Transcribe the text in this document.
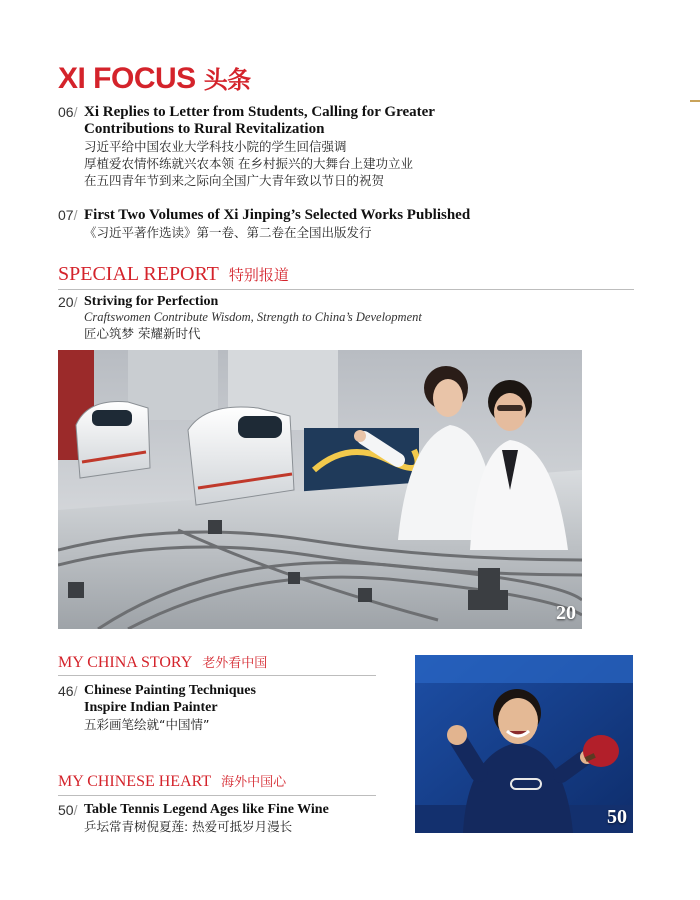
XI FOCUS 头条
06/ Xi Replies to Letter from Students, Calling for Greater
Contributions to Rural Revitalization
习近平给中国农业大学科技小院的学生回信强调
厚植爱农情怀练就兴农本领 在乡村振兴的大舞台上建功立业
在五四青年节到来之际向全国广大青年致以节日的祝贺
07/ First Two Volumes of Xi Jinping’s Selected Works Published
《习近平著作选读》第一卷、第二卷在全国出版发行
SPECIAL REPORT 特别报道
20/ Striving for Perfection
Craftswomen Contribute Wisdom, Strength to China’s Development
匠心筑梦 荣耀新时代
20
MY CHINA STORY 老外看中国
46/ Chinese Painting Techniques
Inspire Indian Painter
五彩画笔绘就“中国情”
MY CHINESE HEART 海外中国心
50/ Table Tennis Legend Ages like Fine Wine
乒坛常青树倪夏莲: 热爱可抵岁月漫长	50
